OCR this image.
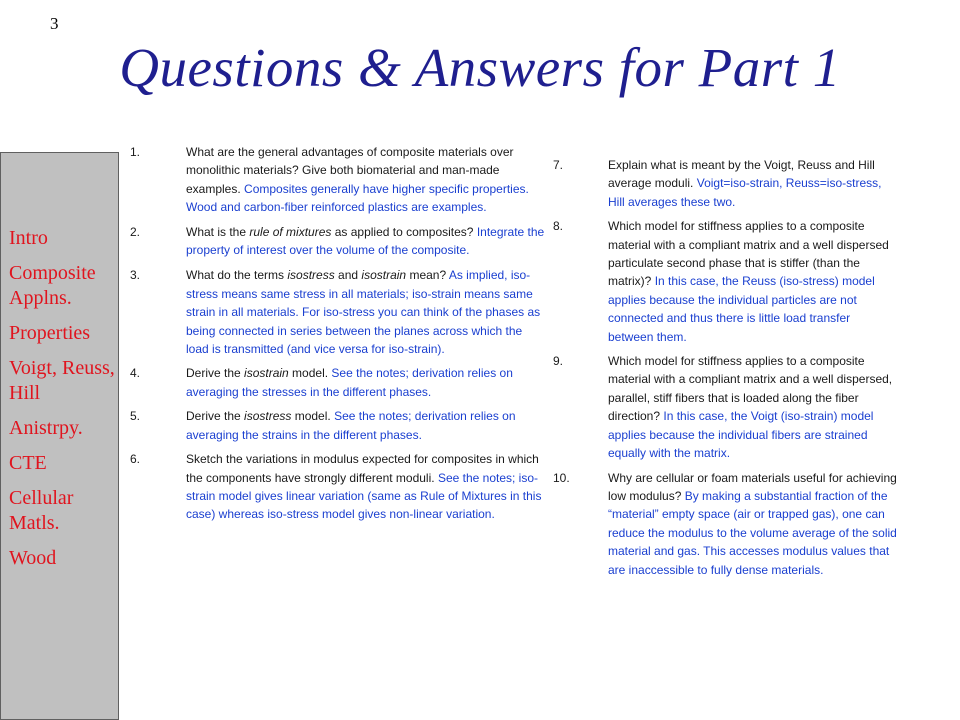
3
Questions & Answers for Part 1
Intro
Composite Applns.
Properties
Voigt, Reuss, Hill
Anistrpy.
CTE
Cellular Matls.
Wood
1.	What are the general advantages of composite materials over monolithic materials? Give both biomaterial and man-made examples. Composites generally have higher specific properties. Wood and carbon-fiber reinforced plastics are examples.
2.	What is the rule of mixtures as applied to composites? Integrate the property of interest over the volume of the composite.
3.	What do the terms isostress and isostrain mean? As implied, iso-stress means same stress in all materials; iso-strain means same strain in all materials. For iso-stress you can think of the phases as being connected in series between the planes across which the load is transmitted (and vice versa for iso-strain).
4.	Derive the isostrain model. See the notes; derivation relies on averaging the stresses in the different phases.
5.	Derive the isostress model. See the notes; derivation relies on averaging the strains in the different phases.
6.	Sketch the variations in modulus expected for composites in which the components have strongly different moduli. See the notes; iso-strain model gives linear variation (same as Rule of Mixtures in this case) whereas iso-stress model gives non-linear variation.
7.	Explain what is meant by the Voigt, Reuss and Hill average moduli. Voigt=iso-strain, Reuss=iso-stress, Hill averages these two.
8.	Which model for stiffness applies to a composite material with a compliant matrix and a well dispersed particulate second phase that is stiffer (than the matrix)? In this case, the Reuss (iso-stress) model applies because the individual particles are not connected and thus there is little load transfer between them.
9.	Which model for stiffness applies to a composite material with a compliant matrix and a well dispersed, parallel, stiff fibers that is loaded along the fiber direction? In this case, the Voigt (iso-strain) model applies because the individual fibers are strained equally with the matrix.
10.	Why are cellular or foam materials useful for achieving low modulus? By making a substantial fraction of the “material” empty space (air or trapped gas), one can reduce the modulus to the volume average of the solid material and gas. This accesses modulus values that are inaccessible to fully dense materials.
